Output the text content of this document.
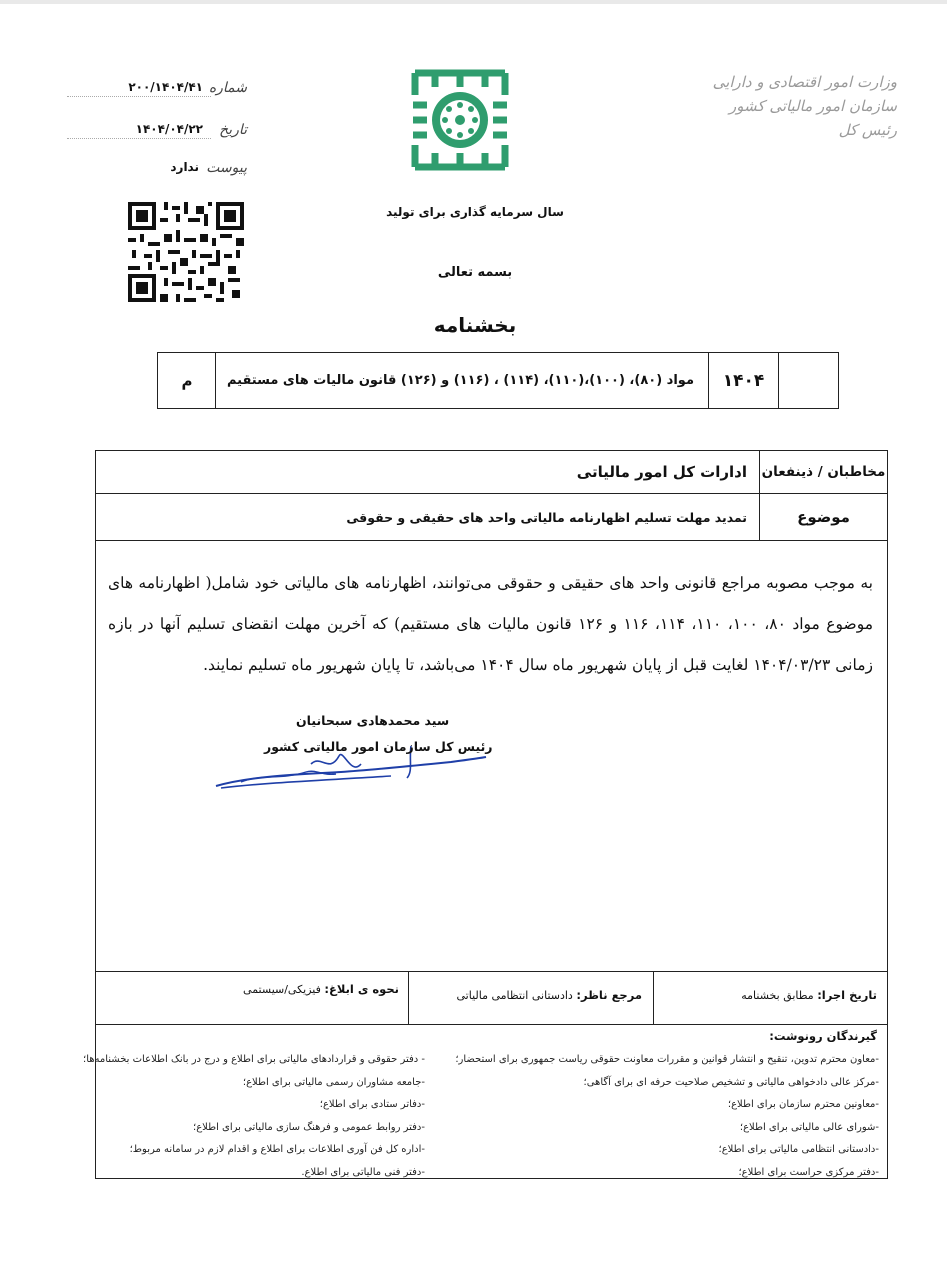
وزارت امور اقتصادی و دارایی
سازمان امور مالیاتی کشور
رئیس کل
شماره
۲۰۰/۱۴۰۴/۴۱
تاریخ
۱۴۰۴/۰۴/۲۲
پیوست
ندارد
سال سرمایه گذاری برای تولید
بسمه تعالی
بخشنامه
۱۴۰۴
مواد (۸۰)، (۱۰۰)،(۱۱۰)، (۱۱۴) ، (۱۱۶) و (۱۲۶) قانون مالیات های مستقیم
م
مخاطبان / ذینفعان
ادارات کل امور مالیاتی
موضوع
تمدید مهلت تسلیم اظهارنامه مالیاتی واحد های حقیقی و حقوقی
به موجب مصوبه مراجع قانونی واحد های حقیقی و حقوقی می‌توانند، اظهارنامه های مالیاتی خود شامل( اظهارنامه های موضوع مواد ۸۰، ۱۰۰، ۱۱۰، ۱۱۴، ۱۱۶ و ۱۲۶ قانون مالیات های مستقیم) که آخرین مهلت انقضای تسلیم آنها در بازه زمانی ۱۴۰۴/۰۳/۲۳ لغایت قبل از پایان شهریور ماه سال ۱۴۰۴ می‌باشد، تا پایان شهریور ماه تسلیم نمایند.
سید محمدهادی سبحانیان
رئیس کل سازمان امور مالیاتی کشور
تاریخ اجرا: مطابق بخشنامه
مرجع ناظر: دادستانی انتظامی مالیاتی
نحوه ی ابلاغ: فیزیکی/سیستمی
گیرندگان رونوشت:
-معاون محترم تدوین، تنقیح و انتشار قوانین و مقررات معاونت حقوقی ریاست جمهوری برای استحضار؛
-مرکز عالی دادخواهی مالیاتی و تشخیص صلاحیت حرفه ای برای آگاهی؛
-معاونین محترم سازمان برای اطلاع؛
-شورای عالی مالیاتی برای اطلاع؛
-دادستانی انتظامی مالیاتی برای اطلاع؛
-دفتر مرکزی حراست برای اطلاع؛
- دفتر حقوقی و قراردادهای مالیاتی برای اطلاع و درج در بانک اطلاعات بخشنامه‌ها؛
-جامعه مشاوران رسمی مالیاتی برای اطلاع؛
-دفاتر ستادی برای اطلاع؛
-دفتر روابط عمومی و فرهنگ سازی مالیاتی برای اطلاع؛
-اداره کل فن آوری اطلاعات برای اطلاع و اقدام لازم در سامانه مربوط؛
-دفتر فنی مالیاتی برای اطلاع.
